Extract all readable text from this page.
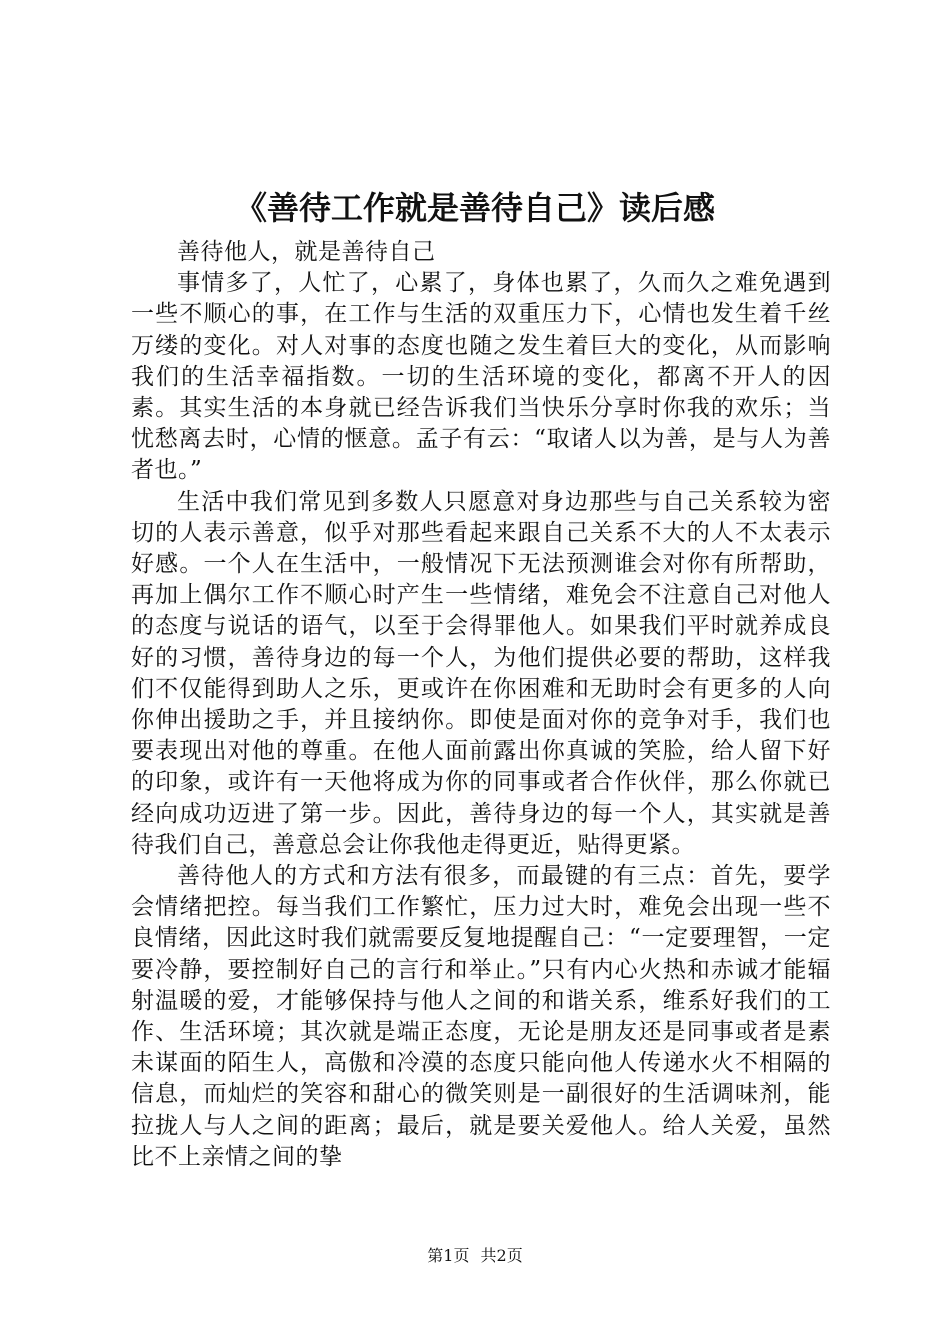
《善待工作就是善待自己》读后感

善待他人，就是善待自己

事情多了，人忙了，心累了，身体也累了，久而久之难免遇到一些不顺心的事，在工作与生活的双重压力下，心情也发生着千丝万缕的变化。对人对事的态度也随之发生着巨大的变化，从而影响我们的生活幸福指数。一切的生活环境的变化，都离不开人的因素。其实生活的本身就已经告诉我们当快乐分享时你我的欢乐；当忧愁离去时，心情的惬意。孟子有云：“取诸人以为善，是与人为善者也。”

生活中我们常见到多数人只愿意对身边那些与自己关系较为密切的人表示善意，似乎对那些看起来跟自己关系不大的人不太表示好感。一个人在生活中，一般情况下无法预测谁会对你有所帮助，再加上偶尔工作不顺心时产生一些情绪，难免会不注意自己对他人的态度与说话的语气，以至于会得罪他人。如果我们平时就养成良好的习惯，善待身边的每一个人，为他们提供必要的帮助，这样我们不仅能得到助人之乐，更或许在你困难和无助时会有更多的人向你伸出援助之手，并且接纳你。即使是面对你的竞争对手，我们也要表现出对他的尊重。在他人面前露出你真诚的笑脸，给人留下好的印象，或许有一天他将成为你的同事或者合作伙伴，那么你就已经向成功迈进了第一步。因此，善待身边的每一个人，其实就是善待我们自己，善意总会让你我他走得更近，贴得更紧。

善待他人的方式和方法有很多，而最键的有三点：首先，要学会情绪把控。每当我们工作繁忙，压力过大时，难免会出现一些不良情绪，因此这时我们就需要反复地提醒自己：“一定要理智，一定要冷静，要控制好自己的言行和举止。”只有内心火热和赤诚才能辐射温暖的爱，才能够保持与他人之间的和谐关系，维系好我们的工作、生活环境；其次就是端正态度，无论是朋友还是同事或者是素未谋面的陌生人，高傲和冷漠的态度只能向他人传递水火不相隔的信息，而灿烂的笑容和甜心的微笑则是一副很好的生活调味剂，能拉拢人与人之间的距离；最后，就是要关爱他人。给人关爱，虽然比不上亲情之间的挚

第1页 共2页
